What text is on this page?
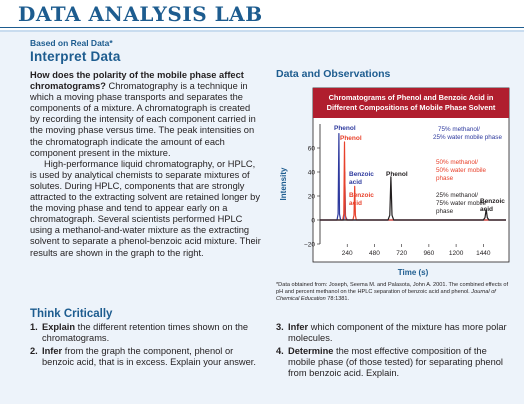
DATA ANALYSIS LAB
Based on Real Data*
Interpret Data

How does the polarity of the mobile phase affect chromatograms? Chromatography is a technique in which a moving phase transports and separates the components of a mixture. A chromatograph is created by recording the intensity of each component carried in the moving phase versus time. The peak intensities on the chromatograph indicate the amount of each component present in the mixture.

High-performance liquid chromatography, or HPLC, is used by analytical chemists to separate mixtures of solutes. During HPLC, components that are strongly attracted to the extracting solvent are retained longer by the moving phase and tend to appear early on a chromatograph. Several scientists performed HPLC using a methanol-and-water mixture as the extracting solvent to separate a phenol-benzoic acid mixture. Their results are shown in the graph to the right.

Think Critically
1. Explain the different retention times shown on the chromatograms.
2. Infer from the graph the component, phenol or benzoic acid, that is in excess. Explain your answer.
3. Infer which component of the mixture has more polar molecules.
4. Determine the most effective composition of the mobile phase (of those tested) for separating phenol from benzoic acid. Explain.
Data and Observations
Chromatograms of Phenol and Benzoic Acid in
Different Compositions of Mobile Phase Solvent
−20
0
20
40
60
240	480	720	960 1200 1440
Time (s)
Intensity
75% methanol/
25% water mobile phase
50% methanol/
50% water mobile
phase
25% methanol/
75% water mobile
phase
Phenol
Phenol
Benzoic
acid
Benzoic
acid
Phenol
Benzoic
acid
*Data obtained from: Joseph, Seema M. and Palasota, John A. 2001. The combined effects of pH and percent methanol on the HPLC separation of benzoic acid and phenol. Journal of Chemical Education 78:1381.
